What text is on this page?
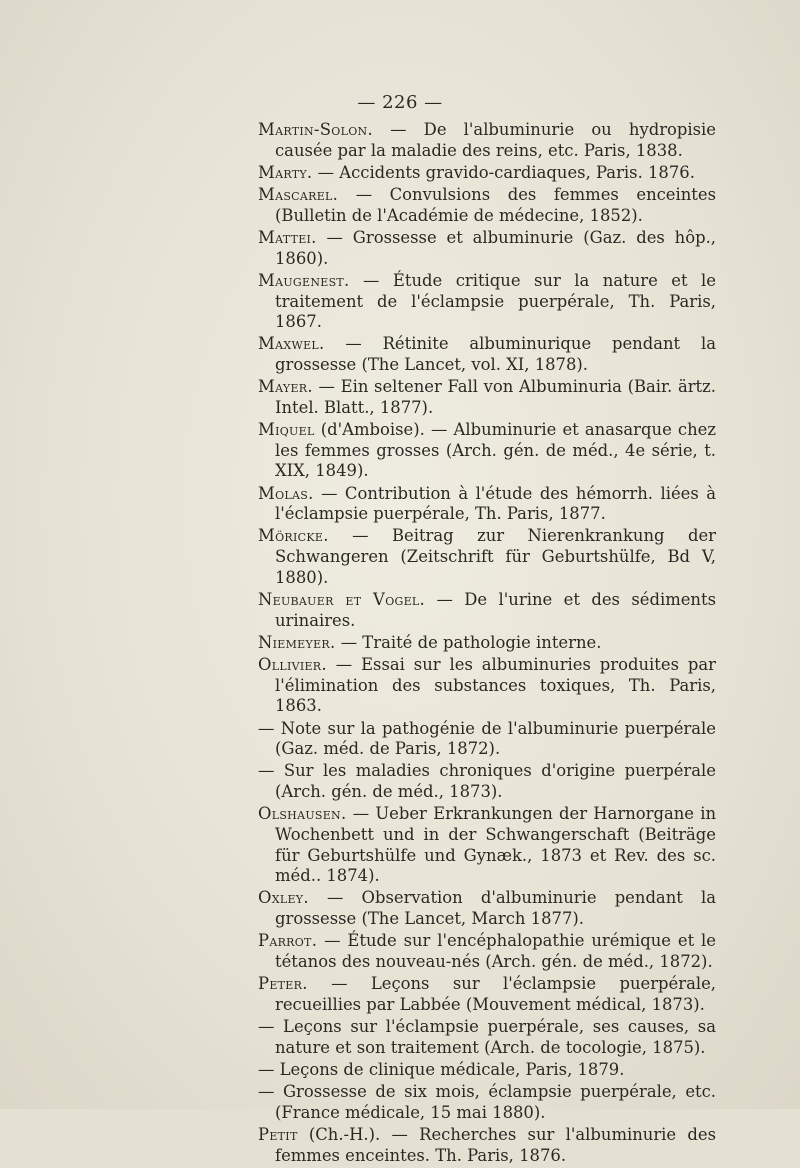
— 226 —
Martin-Solon. — De l'albuminurie ou hydropisie causée par la maladie des reins, etc. Paris, 1838.
Marty. — Accidents gravido-cardiaques, Paris. 1876.
Mascarel. — Convulsions des femmes enceintes (Bulletin de l'Académie de médecine, 1852).
Mattei. — Grossesse et albuminurie (Gaz. des hôp., 1860).
Maugenest. — Étude critique sur la nature et le traitement de l'éclampsie puerpérale, Th. Paris, 1867.
Maxwel. — Rétinite albuminurique pendant la grossesse (The Lancet, vol. XI, 1878).
Mayer. — Ein seltener Fall von Albuminuria (Bair. ärtz. Intel. Blatt., 1877).
Miquel (d'Amboise). — Albuminurie et anasarque chez les femmes grosses (Arch. gén. de méd., 4e série, t. XIX, 1849).
Molas. — Contribution à l'étude des hémorrh. liées à l'éclampsie puerpérale, Th. Paris, 1877.
Möricke. — Beitrag zur Nierenkrankung der Schwangeren (Zeitschrift für Geburtshülfe, Bd V, 1880).
Neubauer et Vogel. — De l'urine et des sédiments urinaires.
Niemeyer. — Traité de pathologie interne.
Ollivier. — Essai sur les albuminuries produites par l'élimination des substances toxiques, Th. Paris, 1863.
— Note sur la pathogénie de l'albuminurie puerpérale (Gaz. méd. de Paris, 1872).
— Sur les maladies chroniques d'origine puerpérale (Arch. gén. de méd., 1873).
Olshausen. — Ueber Erkrankungen der Harnorgane in Wochenbett und in der Schwangerschaft (Beiträge für Geburtshülfe und Gynæk., 1873 et Rev. des sc. méd.. 1874).
Oxley. — Observation d'albuminurie pendant la grossesse (The Lancet, March 1877).
Parrot. — Étude sur l'encéphalopathie urémique et le tétanos des nouveau-nés (Arch. gén. de méd., 1872).
Peter. — Leçons sur l'éclampsie puerpérale, recueillies par Labbée (Mouvement médical, 1873).
— Leçons sur l'éclampsie puerpérale, ses causes, sa nature et son traitement (Arch. de tocologie, 1875).
— Leçons de clinique médicale, Paris, 1879.
— Grossesse de six mois, éclampsie puerpérale, etc. (France médicale, 15 mai 1880).
Petit (Ch.-H.). — Recherches sur l'albuminurie des femmes enceintes. Th. Paris, 1876.
